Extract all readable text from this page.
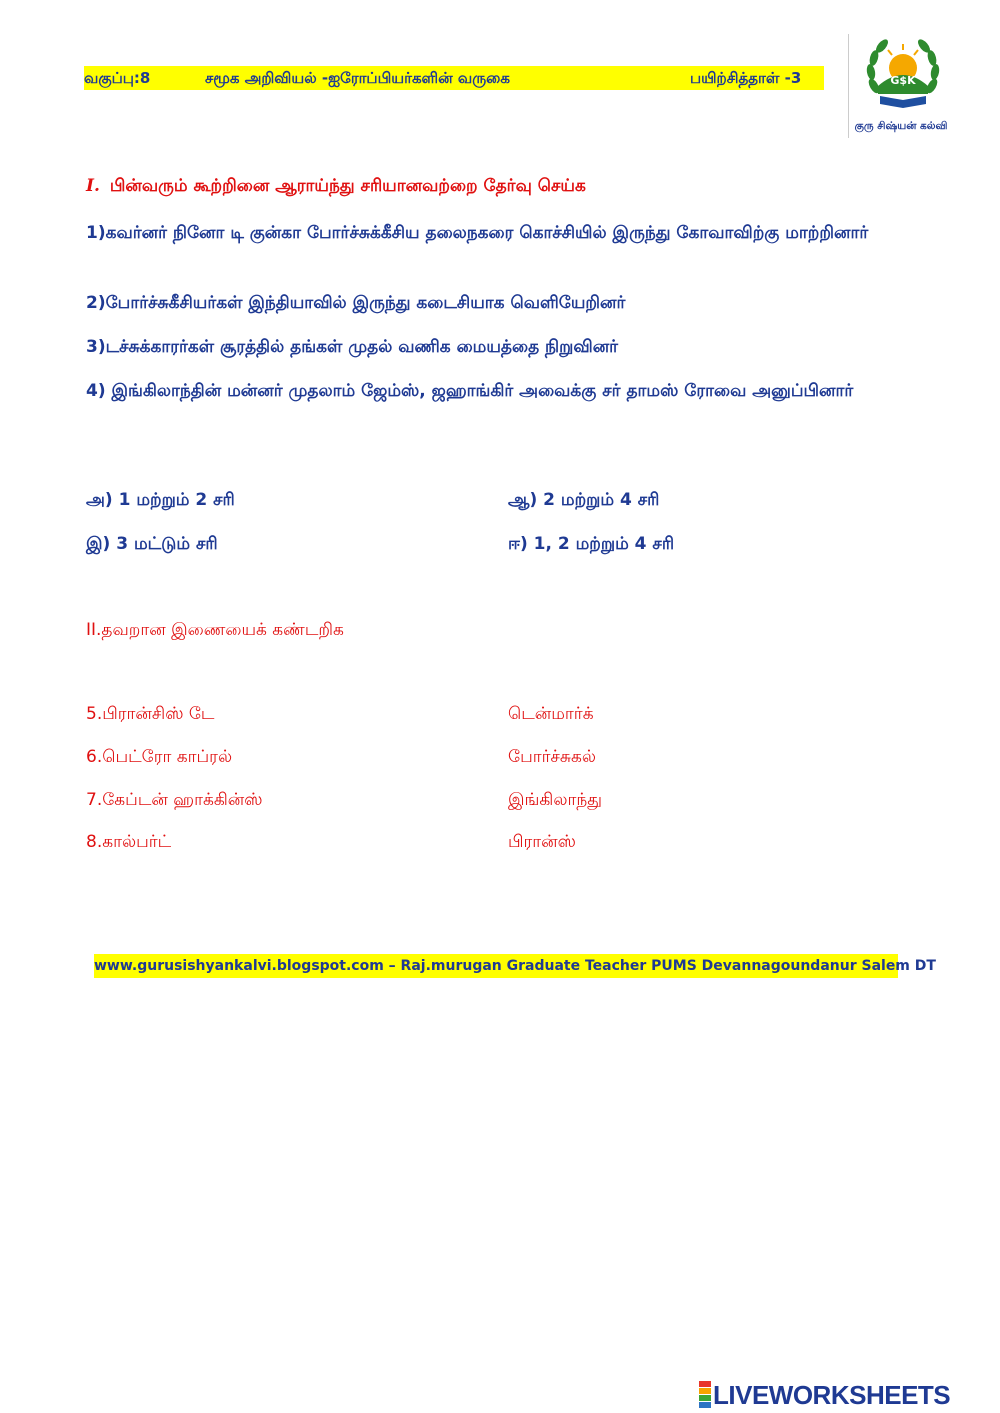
வகுப்பு:8	சமூக அறிவியல் -ஐரோப்பியர்களின் வருகை	பயிற்சித்தாள் -3	G$K
குரு சிஷ்யன் கல்வி
I. பின்வரும் கூற்றினை ஆராய்ந்து சரியானவற்றை தேர்வு செய்க
1)கவர்னர் நினோ டி குன்கா போர்ச்சுக்கீசிய தலைநகரை கொச்சியில் இருந்து கோவாவிற்கு மாற்றினார்
2)போர்ச்சுகீசியர்கள் இந்தியாவில் இருந்து கடைசியாக வெளியேறினர்
3)டச்சுக்காரர்கள் சூரத்தில் தங்கள் முதல் வணிக மையத்தை நிறுவினர்
4) இங்கிலாந்தின் மன்னர் முதலாம் ஜேம்ஸ், ஜஹாங்கிர் அவைக்கு சர் தாமஸ் ரோவை அனுப்பினார்
அ) 1 மற்றும் 2 சரி	ஆ) 2 மற்றும் 4 சரி
இ) 3 மட்டும் சரி	ஈ) 1, 2 மற்றும் 4 சரி
II.தவறான இணையைக் கண்டறிக
5.பிரான்சிஸ் டே	டென்மார்க்
6.பெட்ரோ காப்ரல்	போர்ச்சுகல்
7.கேப்டன் ஹாக்கின்ஸ்	இங்கிலாந்து
8.கால்பர்ட்	பிரான்ஸ்
www.gurusishyankalvi.blogspot.com – Raj.murugan Graduate Teacher PUMS Devannagoundanur Salem DT
LIVEWORKSHEETS
